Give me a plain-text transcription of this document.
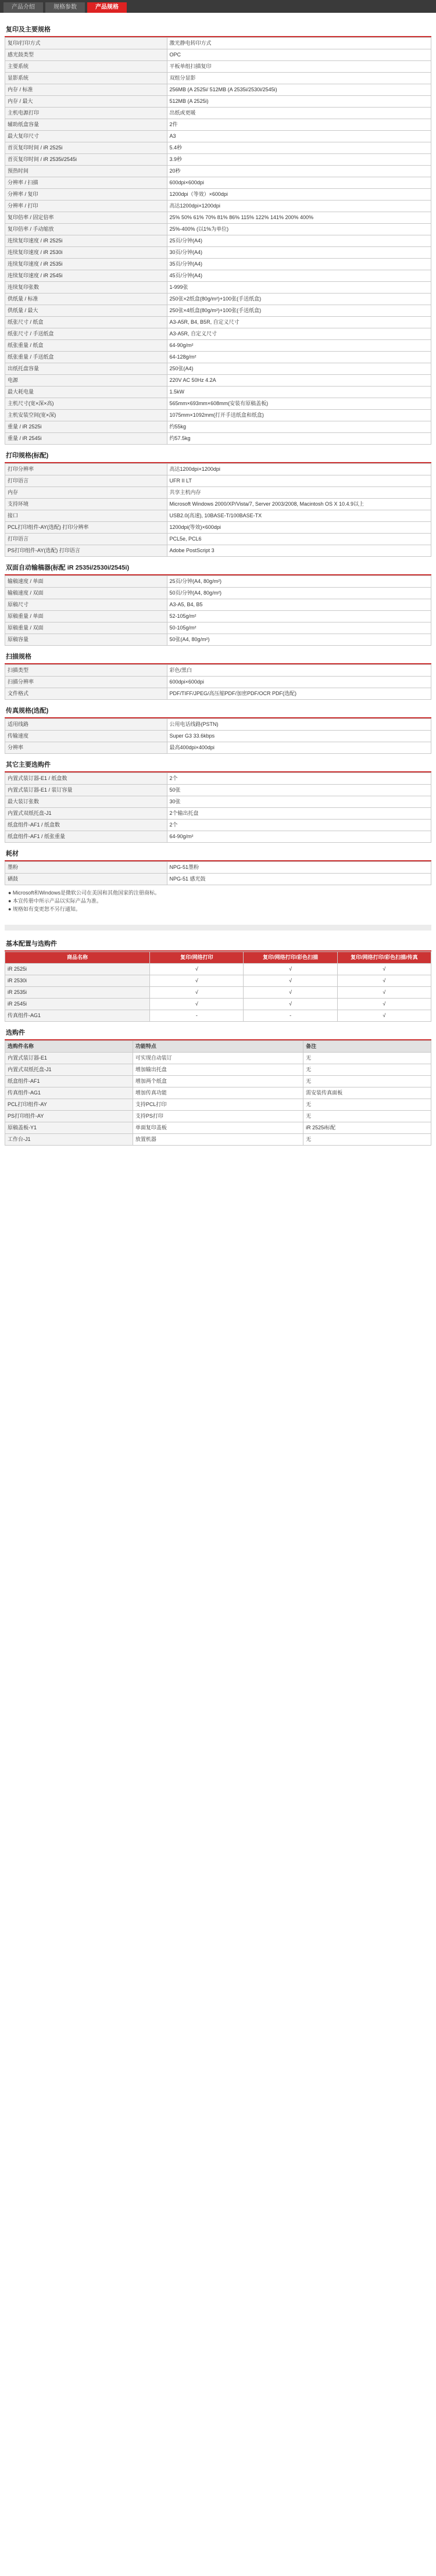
产品介绍	规格参数	产品规格
复印及主要规格
复印/打印方式	激光静电转印方式
感光鼓类型	OPC
主要系统	平板单组扫描复印
显影系统	双组分显影
内存 / 标准	256MB (A 2525i/ 512MB (A 2535i/2530i/2545i)
内存 / 最大	512MB (A 2525i)
主机电源打印	出纸或更暖
辅助纸盒容量	2件
最大复印尺寸	A3
首页复印时间 / iR 2525i	5.4秒
首页复印时间 / iR 2535i/2545i	3.9秒
预热时间	20秒
分辨率 / 扫描	600dpi×600dpi
分辨率 / 复印	1200dpi（等效）×600dpi
分辨率 / 打印	高达1200dpi×1200dpi
复印倍率 / 固定倍率	25% 50% 61% 70% 81% 86% 115% 122% 141% 200% 400%
复印倍率 / 手动缩放	25%-400% (以1%为单位)
连续复印速度 / iR 2525i	25页/分钟(A4)
连续复印速度 / iR 2530i	30页/分钟(A4)
连续复印速度 / iR 2535i	35页/分钟(A4)
连续复印速度 / iR 2545i	45页/分钟(A4)
连续复印张数	1-999张
供纸量 / 标准	250张×2纸盒(80g/m²)+100张(手送纸盒)
供纸量 / 最大	250张×4纸盒(80g/m²)+100张(手送纸盒)
纸张尺寸 / 纸盒	A3-A5R, B4, B5R, 自定义尺寸
纸张尺寸 / 手送纸盒	A3-A5R, 自定义尺寸
纸张重量 / 纸盒	64-90g/m²
纸张重量 / 手送纸盒	64-128g/m²
出纸托盘容量	250张(A4)
电源	220V AC 50Hz 4.2A
最大耗电量	1.5kW
主机尺寸(宽×深×高)	565mm×693mm×608mm(安装有原稿盖板)
主机安装空间(宽×深)	1075mm×1092mm(打开手送纸盒和纸盒)
重量 / iR 2525i	约55kg
重量 / iR 2545i	约57.5kg
打印规格(标配)
打印分辨率	高达1200dpi×1200dpi
打印语言	UFR II LT
内存	共享主机内存
支持环境	Microsoft Windows 2000/XP/Vista/7, Server 2003/2008, Macintosh OS X 10.4.9以上
接口	USB2.0(高速), 10BASE-T/100BASE-TX
PCL打印组件-AY(选配) 打印分辨率	1200dpi(等效)×600dpi
打印语言	PCL5e, PCL6
PS打印组件-AY(选配) 打印语言	Adobe PostScript 3
双面自动输稿器(标配 iR 2535i/2530i/2545i)
输稿速度 / 单面	25页/分钟(A4, 80g/m²)
输稿速度 / 双面	50页/分钟(A4, 80g/m²)
原稿尺寸	A3-A5, B4, B5
原稿重量 / 单面	52-105g/m²
原稿重量 / 双面	50-105g/m²
原稿容量	50张(A4, 80g/m²)
扫描规格
扫描类型	彩色/黑白
扫描分辨率	600dpi×600dpi
文件格式	PDF/TIFF/JPEG/高压缩PDF/加密PDF/OCR PDF(选配)
传真规格(选配)
适用线路	公用电话线路(PSTN)
传输速度	Super G3 33.6kbps
分辨率	最高400dpi×400dpi
其它主要选购件
内置式装订器-E1 / 纸盒数	2个
内置式装订器-E1 / 装订容量	50张
最大装订张数	30张
内置式双纸托盘-J1	2个输出托盘
纸盒组件-AF1 / 纸盒数	2个
纸盒组件-AF1 / 纸张重量	64-90g/m²
耗材
墨粉	NPG-51墨粉
硒鼓	NPG-51 感光鼓
● Microsoft和Windows是微软公司在美国和其他国家的注册商标。
● 本宣传册中所示产品以实际产品为准。
● 规格如有变更恕不另行通知。
基本配置与选购件
商品名称	复印/网络打印	复印/网络打印/彩色扫描	复印/网络打印/彩色扫描/传真
iR 2525i	√	√	√
iR 2530i	√	√	√
iR 2535i	√	√	√
iR 2545i	√	√	√
传真组件-AG1	-	-	√
选购件
选购件名称	功能特点	备注
内置式装订器-E1	可实现自动装订	无
内置式双纸托盘-J1	增加输出托盘	无
纸盒组件-AF1	增加两个纸盒	无
传真组件-AG1	增加传真功能	需安装传真面板
PCL打印组件-AY	支持PCL打印	无
PS打印组件-AY	支持PS打印	无
原稿盖板-Y1	单面复印盖板	iR 2525i标配
工作台-J1	放置机器	无
